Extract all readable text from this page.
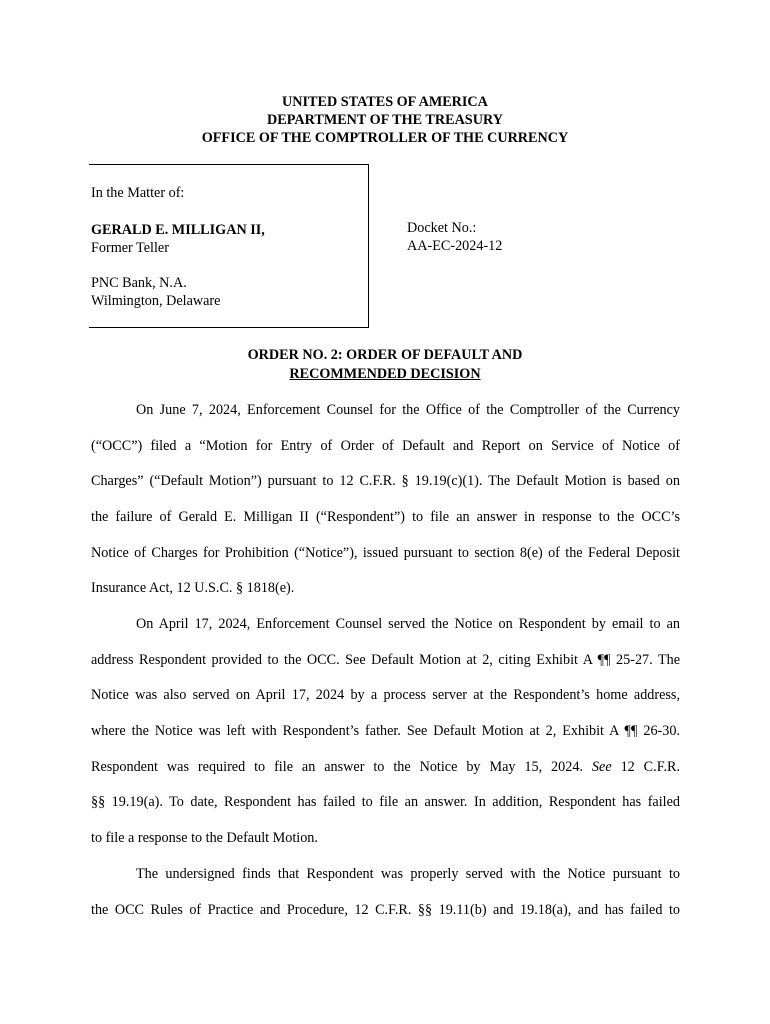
UNITED STATES OF AMERICA
DEPARTMENT OF THE TREASURY
OFFICE OF THE COMPTROLLER OF THE CURRENCY
In the Matter of:
GERALD E. MILLIGAN II,
Former Teller
PNC Bank, N.A.
Wilmington, Delaware
Docket No.:
AA-EC-2024-12
ORDER NO. 2: ORDER OF DEFAULT AND
RECOMMENDED DECISION
On June 7, 2024, Enforcement Counsel for the Office of the Comptroller of the Currency
(“OCC”) filed a “Motion for Entry of Order of Default and Report on Service of Notice of
Charges” (“Default Motion”) pursuant to 12 C.F.R. § 19.19(c)(1). The Default Motion is based on
the failure of Gerald E. Milligan II (“Respondent”) to file an answer in response to the OCC’s
Notice of Charges for Prohibition (“Notice”), issued pursuant to section 8(e) of the Federal Deposit
Insurance Act, 12 U.S.C. § 1818(e).
On April 17, 2024, Enforcement Counsel served the Notice on Respondent by email to an
address Respondent provided to the OCC. See Default Motion at 2, citing Exhibit A ¶¶ 25-27. The
Notice was also served on April 17, 2024 by a process server at the Respondent’s home address,
where the Notice was left with Respondent’s father. See Default Motion at 2, Exhibit A ¶¶ 26-30.
Respondent was required to file an answer to the Notice by May 15, 2024. See 12 C.F.R.
§§ 19.19(a). To date, Respondent has failed to file an answer. In addition, Respondent has failed
to file a response to the Default Motion.
The undersigned finds that Respondent was properly served with the Notice pursuant to
the OCC Rules of Practice and Procedure, 12 C.F.R. §§ 19.11(b) and 19.18(a), and has failed to
